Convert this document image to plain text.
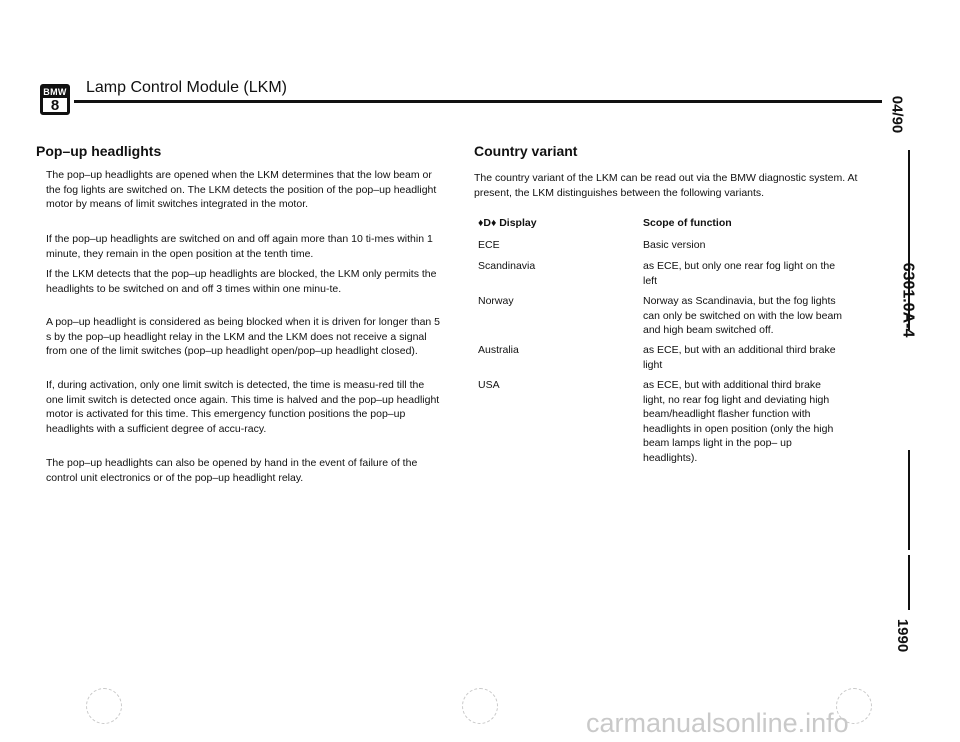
BMW
8
Lamp Control Module (LKM)
Pop–up headlights

The pop–up headlights are opened when the LKM determines that the low beam or the fog lights are switched on. The LKM detects the position of the pop–up headlight motor by means of limit switches integrated in the motor.

If the pop–up headlights are switched on and off again more than 10 ti-mes within 1 minute, they remain in the open position at the tenth time.

If the LKM detects that the pop–up headlights are blocked, the LKM only permits the headlights to be switched on and off 3 times within one minu-te.

A pop–up headlight is considered as being blocked when it is driven for longer than 5 s by the pop–up headlight relay in the LKM and the LKM does not receive a signal from one of the limit switches (pop–up headlight open/pop–up headlight closed).

If, during activation, only one limit switch is detected, the time is measu-red till the one limit switch is detected once again. This time is halved and the pop–up headlight motor is activated for this time. This emergency function positions the pop–up headlights with a sufficient degree of accu-racy.

The pop–up headlights can also be opened by hand in the event of failure of the control unit electronics or of the pop–up headlight relay.

Country variant

The country variant of the LKM can be read out via the BMW diagnostic system. At present, the LKM distinguishes between the following variants.

♦D♦ Display	Scope of function
ECE	Basic version
Scandinavia	as ECE, but only one rear fog light on the left
Norway	Norway as Scandinavia, but the fog lights can only be switched on with the low beam and high beam switched off.
Australia	as ECE, but with an additional third brake light
USA	as ECE, but with additional third brake light, no rear fog light and deviating high beam/headlight flasher function with headlights in open position (only the high beam lamps light in the pop– up headlights).
04/90
6301.0A-4
1990
carmanualsonline.info
